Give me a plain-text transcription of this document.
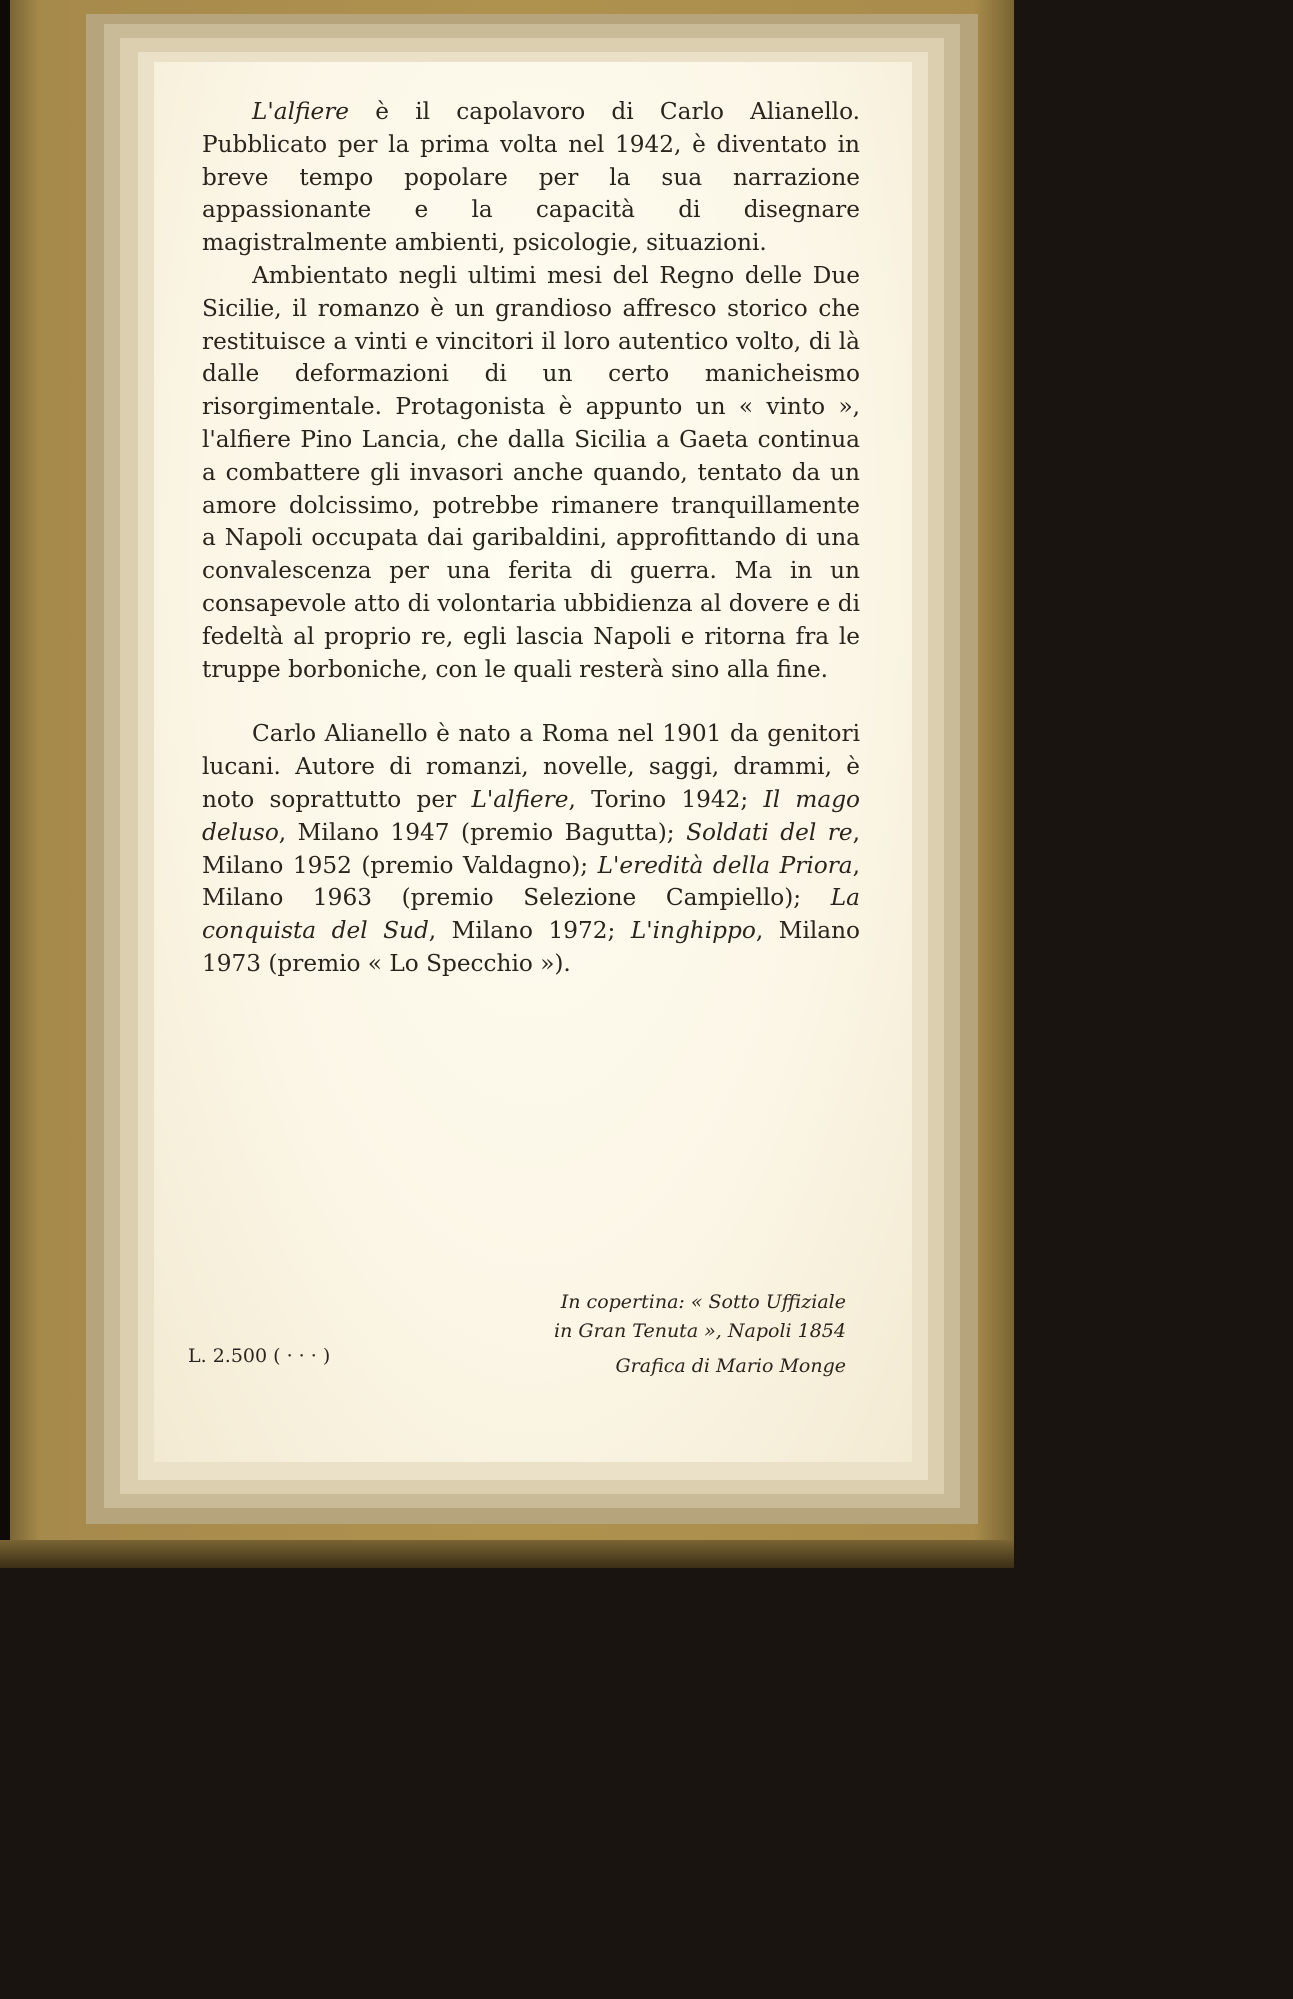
L'alfiere è il capolavoro di Carlo Alianello. Pubblicato per la prima volta nel 1942, è diventato in breve tempo popolare per la sua narrazione appassionante e la capacità di disegnare magistralmente ambienti, psicologie, situazioni.

Ambientato negli ultimi mesi del Regno delle Due Sicilie, il romanzo è un grandioso affresco storico che restituisce a vinti e vincitori il loro autentico volto, di là dalle deformazioni di un certo manicheismo risorgimentale. Protagonista è appunto un « vinto », l'alfiere Pino Lancia, che dalla Sicilia a Gaeta continua a combattere gli invasori anche quando, tentato da un amore dolcissimo, potrebbe rimanere tranquillamente a Napoli occupata dai garibaldini, approfittando di una convalescenza per una ferita di guerra. Ma in un consapevole atto di volontaria ubbidienza al dovere e di fedeltà al proprio re, egli lascia Napoli e ritorna fra le truppe borboniche, con le quali resterà sino alla fine.

Carlo Alianello è nato a Roma nel 1901 da genitori lucani. Autore di romanzi, novelle, saggi, drammi, è noto soprattutto per L'alfiere, Torino 1942; Il mago deluso, Milano 1947 (premio Bagutta); Soldati del re, Milano 1952 (premio Valdagno); L'eredità della Priora, Milano 1963 (premio Selezione Campiello); La conquista del Sud, Milano 1972; L'inghippo, Milano 1973 (premio « Lo Specchio »).

In copertina: « Sotto Uffiziale
in Gran Tenuta », Napoli 1854
Grafica di Mario Monge
L. 2.500 ( · · · )
